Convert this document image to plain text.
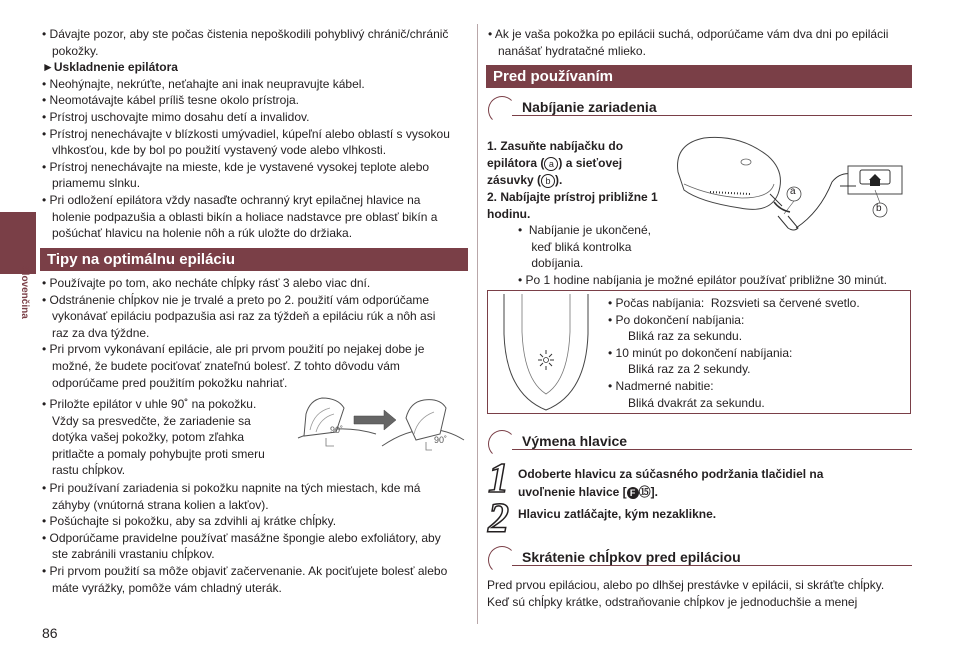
Slovenčina
• Dávajte pozor, aby ste počas čistenia nepoškodili pohyblivý chránič/chránič
pokožky.
►Uskladnenie epilátora
• Neohýnajte, nekrúťte, neťahajte ani inak neupravujte kábel.
• Neomotávajte kábel príliš tesne okolo prístroja.
• Prístroj uschovajte mimo dosahu detí a invalidov.
• Prístroj nenechávajte v blízkosti umývadiel, kúpeľní alebo oblastí s vysokou
vlhkosťou, kde by bol po použití vystavený vode alebo vlhkosti.
• Prístroj nenechávajte na mieste, kde je vystavené vysokej teplote alebo
priamemu slnku.
• Pri odložení epilátora vždy nasaďte ochranný kryt epilačnej hlavice na
holenie podpazušia a oblasti bikín a holiace nadstavce pre oblasť bikín a
pošúchať hlavicu na holenie nôh a rúk uložte do držiaka.
Tipy na optimálnu epiláciu
• Používajte po tom, ako necháte chĺpky rásť 3 alebo viac dní.
• Odstránenie chĺpkov nie je trvalé a preto po 2. použití vám odporúčame
vykonávať epiláciu podpazušia asi raz za týždeň a epiláciu rúk a nôh asi
raz za dva týždne.
• Pri prvom vykonávaní epilácie, ale pri prvom použití po nejakej dobe je
možné, že budete pociťovať znateľnú bolesť. Z tohto dôvodu vám
odporúčame pred použitím pokožku nahriať.
• Priložte epilátor v uhle 90˚ na pokožku.
Vždy sa presvedčte, že zariadenie sa
dotýka vašej pokožky, potom zľahka
pritlačte a pomaly pohybujte proti smeru
rastu chĺpkov.
• Pri používaní zariadenia si pokožku napnite na tých miestach, kde má
záhyby (vnútorná strana kolien a lakťov).
• Pošúchajte si pokožku, aby sa zdvihli aj krátke chĺpky.
• Odporúčame pravidelne používať masážne špongie alebo exfoliátory, aby
ste zabránili vrastaniu chĺpkov.
• Pri prvom použití sa môže objaviť začervenanie. Ak pociťujete bolesť alebo
máte vyrážky, pomôže vám chladný uterák.
90˚
90˚
86
• Ak je vaša pokožka po epilácii suchá, odporúčame vám dva dni po epilácii
nanášať hydratačné mlieko.
Pred používaním
Nabíjanie zariadenia
1. Zasuňte nabíjačku do
epilátora ( a ) a sieťovej
zásuvky ( b ).
2. Nabíjajte prístroj približne 1
hodinu.
•  Nabíjanie je ukončené,
keď bliká kontrolka
dobíjania.
• Po 1 hodine nabíjania je možné epilátor používať približne 30 minút.
a
b
• Počas nabíjania:  Rozsvieti sa červené svetlo.
• Po dokončení nabíjania:
Bliká raz za sekundu.
• 10 minút po dokončení nabíjania:
Bliká raz za 2 sekundy.
• Nadmerné nabitie:
Bliká dvakrát za sekundu.
Výmena hlavice
1 Odoberte hlavicu za súčasného podržania tlačidiel na
uvoľnenie hlavice [ F ⑮].
2 Hlavicu zatláčajte, kým nezaklikne.
Skrátenie chĺpkov pred epiláciou
Pred prvou epiláciou, alebo po dlhšej prestávke v epilácii, si skráťte chĺpky.
Keď sú chĺpky krátke, odstraňovanie chĺpkov je jednoduchšie a menej
